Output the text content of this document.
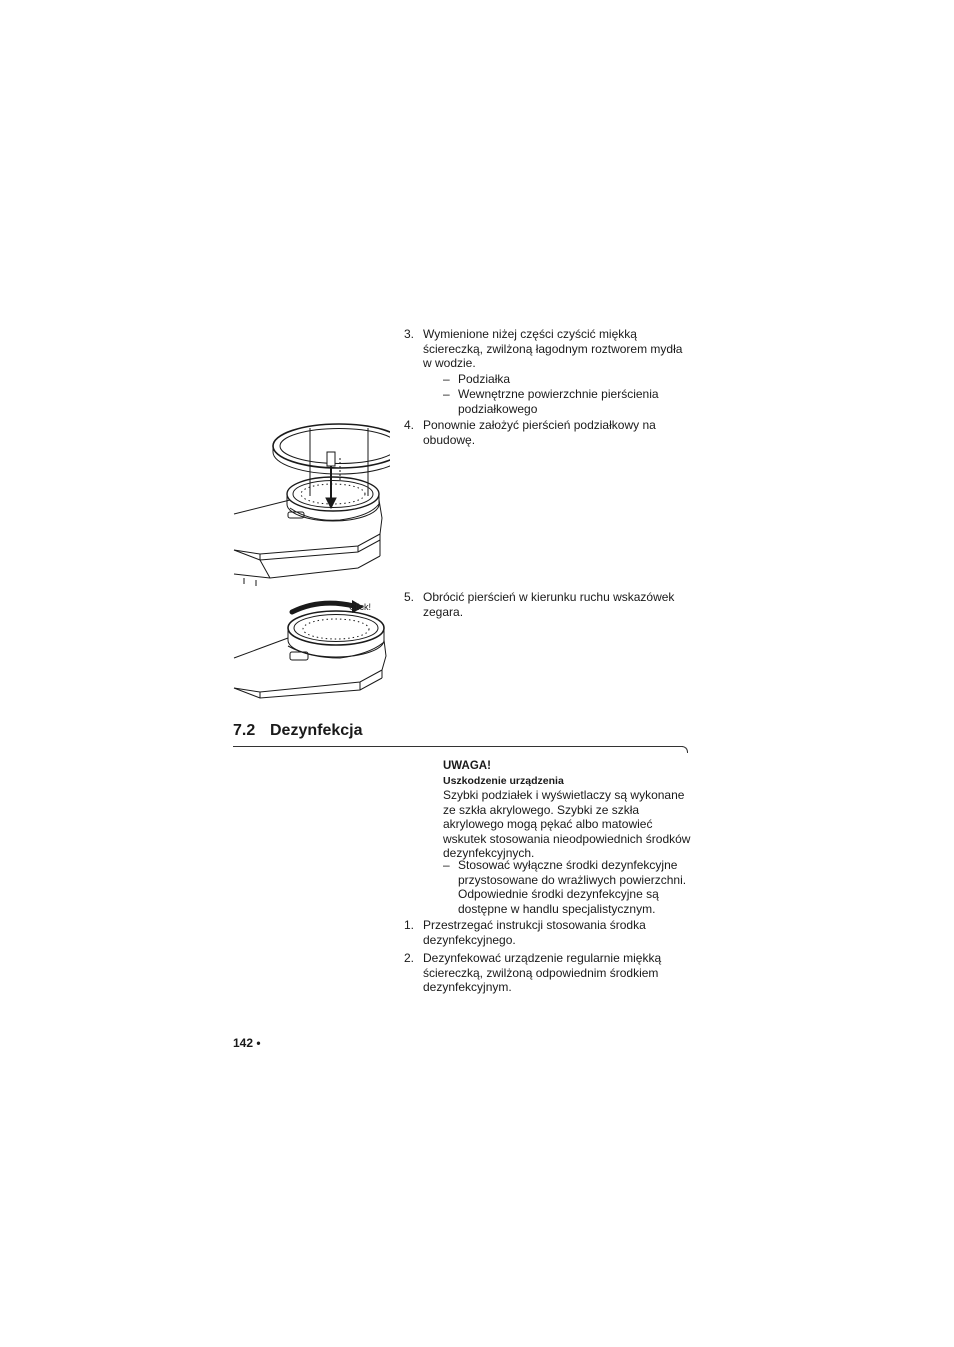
3. Wymienione niżej części czyścić miękką
ściereczką, zwilżoną łagodnym roztworem mydła
w wodzie.
– Podziałka
– Wewnętrzne powierzchnie pierścienia
podziałkowego
4. Ponownie założyć pierścień podziałkowy na
obudowę.
5. Obrócić pierścień w kierunku ruchu wskazówek
zegara.
Click!
7.2 Dezynfekcja
UWAGA!
Uszkodzenie urządzenia
Szybki podziałek i wyświetlaczy są wykonane
ze szkła akrylowego. Szybki ze szkła
akrylowego mogą pękać albo matowieć
wskutek stosowania nieodpowiednich środków
dezynfekcyjnych.
– Stosować wyłączne środki dezynfekcyjne
przystosowane do wrażliwych powierzchni.
Odpowiednie środki dezynfekcyjne są
dostępne w handlu specjalistycznym.
1. Przestrzegać instrukcji stosowania środka
dezynfekcyjnego.
2. Dezynfekować urządzenie regularnie miękką
ściereczką, zwilżoną odpowiednim środkiem
dezynfekcyjnym.
142 •
